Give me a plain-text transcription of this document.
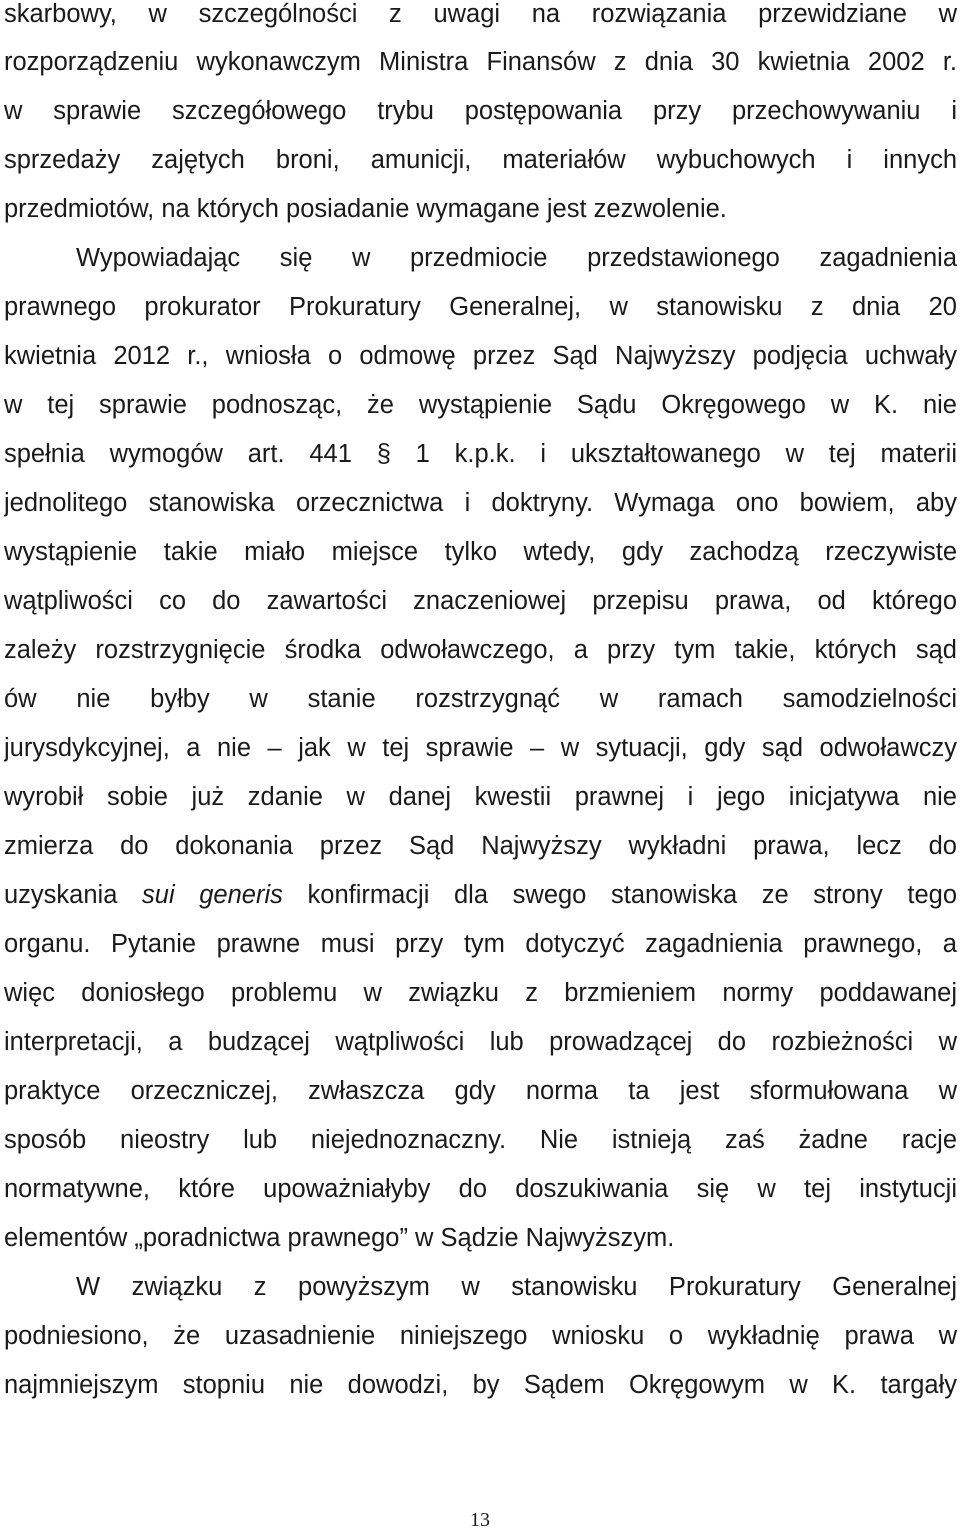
skarbowy, w szczególności z uwagi na rozwiązania przewidziane w
rozporządzeniu wykonawczym Ministra Finansów z dnia 30 kwietnia 2002 r.
w sprawie szczegółowego trybu postępowania przy przechowywaniu i
sprzedaży zajętych broni, amunicji, materiałów wybuchowych i innych
przedmiotów, na których posiadanie wymagane jest zezwolenie.
Wypowiadając się w przedmiocie przedstawionego zagadnienia
prawnego prokurator Prokuratury Generalnej, w stanowisku z dnia 20
kwietnia 2012 r., wniosła o odmowę przez Sąd Najwyższy podjęcia uchwały
w tej sprawie podnosząc, że wystąpienie Sądu Okręgowego w K. nie
spełnia wymogów art. 441 § 1 k.p.k. i ukształtowanego w tej materii
jednolitego stanowiska orzecznictwa i doktryny. Wymaga ono bowiem, aby
wystąpienie takie miało miejsce tylko wtedy, gdy zachodzą rzeczywiste
wątpliwości co do zawartości znaczeniowej przepisu prawa, od którego
zależy rozstrzygnięcie środka odwoławczego, a przy tym takie, których sąd
ów nie byłby w stanie rozstrzygnąć w ramach samodzielności
jurysdykcyjnej, a nie – jak w tej sprawie – w sytuacji, gdy sąd odwoławczy
wyrobił sobie już zdanie w danej kwestii prawnej i jego inicjatywa nie
zmierza do dokonania przez Sąd Najwyższy wykładni prawa, lecz do
uzyskania sui generis konfirmacji dla swego stanowiska ze strony tego
organu. Pytanie prawne musi przy tym dotyczyć zagadnienia prawnego, a
więc doniosłego problemu w związku z brzmieniem normy poddawanej
interpretacji, a budzącej wątpliwości lub prowadzącej do rozbieżności w
praktyce orzeczniczej, zwłaszcza gdy norma ta jest sformułowana w
sposób nieostry lub niejednoznaczny. Nie istnieją zaś żadne racje
normatywne, które upoważniałyby do doszukiwania się w tej instytucji
elementów „poradnictwa prawnego” w Sądzie Najwyższym.
W związku z powyższym w stanowisku Prokuratury Generalnej
podniesiono, że uzasadnienie niniejszego wniosku o wykładnię prawa w
najmniejszym stopniu nie dowodzi, by Sądem Okręgowym w K. targały
13
